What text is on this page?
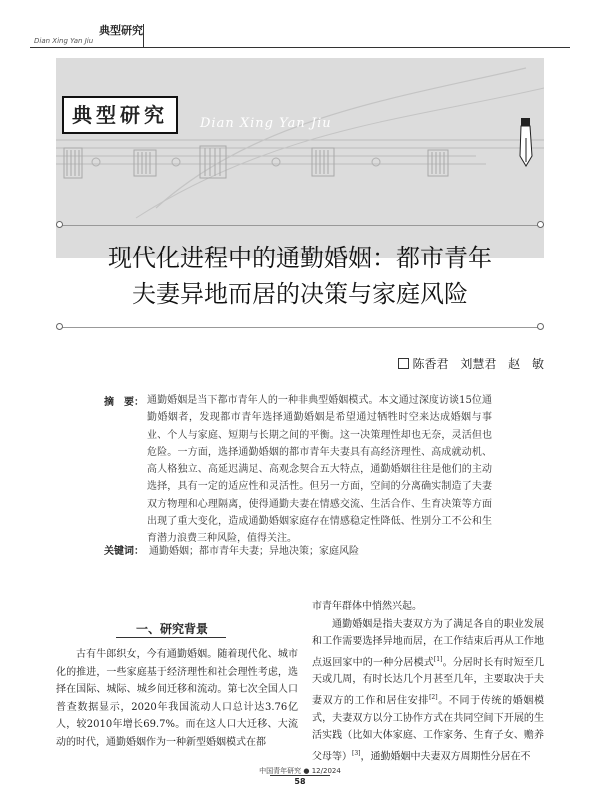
典型研究
Dian Xing Yan Jiu
典型研究	Dian Xing Yan Jiu
现代化进程中的通勤婚姻：都市青年
夫妻异地而居的决策与家庭风险
陈香君 刘慧君 赵 敏
摘　要： 通勤婚姻是当下都市青年人的一种非典型婚姻模式。本文通过深度访谈15位通勤婚姻者，发现都市青年选择通勤婚姻是希望通过牺牲时空来达成婚姻与事业、个人与家庭、短期与长期之间的平衡。这一决策理性却也无奈，灵活但也危险。一方面，选择通勤婚姻的都市青年夫妻具有高经济理性、高成就动机、高人格独立、高延迟满足、高观念契合五大特点，通勤婚姻往往是他们的主动选择，具有一定的适应性和灵活性。但另一方面，空间的分离确实制造了夫妻双方物理和心理隔离，使得通勤夫妻在情感交流、生活合作、生育决策等方面出现了重大变化，造成通勤婚姻家庭存在情感稳定性降低、性别分工不公和生育潜力浪费三种风险，值得关注。
关键词： 通勤婚姻；都市青年夫妻；异地决策；家庭风险
一、研究背景

古有牛郎织女，今有通勤婚姻。随着现代化、城市化的推进，一些家庭基于经济理性和社会理性考虑，选择在国际、城际、城乡间迁移和流动。第七次全国人口普查数据显示，2020年我国流动人口总计达3.76亿人，较2010年增长69.7%。而在这人口大迁移、大流动的时代，通勤婚姻作为一种新型婚姻模式在都

市青年群体中悄然兴起。

通勤婚姻是指夫妻双方为了满足各自的职业发展和工作需要选择异地而居，在工作结束后再从工作地点返回家中的一种分居模式[1]。分居时长有时短至几天或几周，有时长达几个月甚至几年，主要取决于夫妻双方的工作和居住安排[2]。不同于传统的婚姻模式，夫妻双方以分工协作方式在共同空间下开展的生活实践（比如大体家庭、工作家务、生育子女、赡养父母等）[3]，通勤婚姻中夫妻双方周期性分居在不

中国青年研究 ● 12/2024
58
